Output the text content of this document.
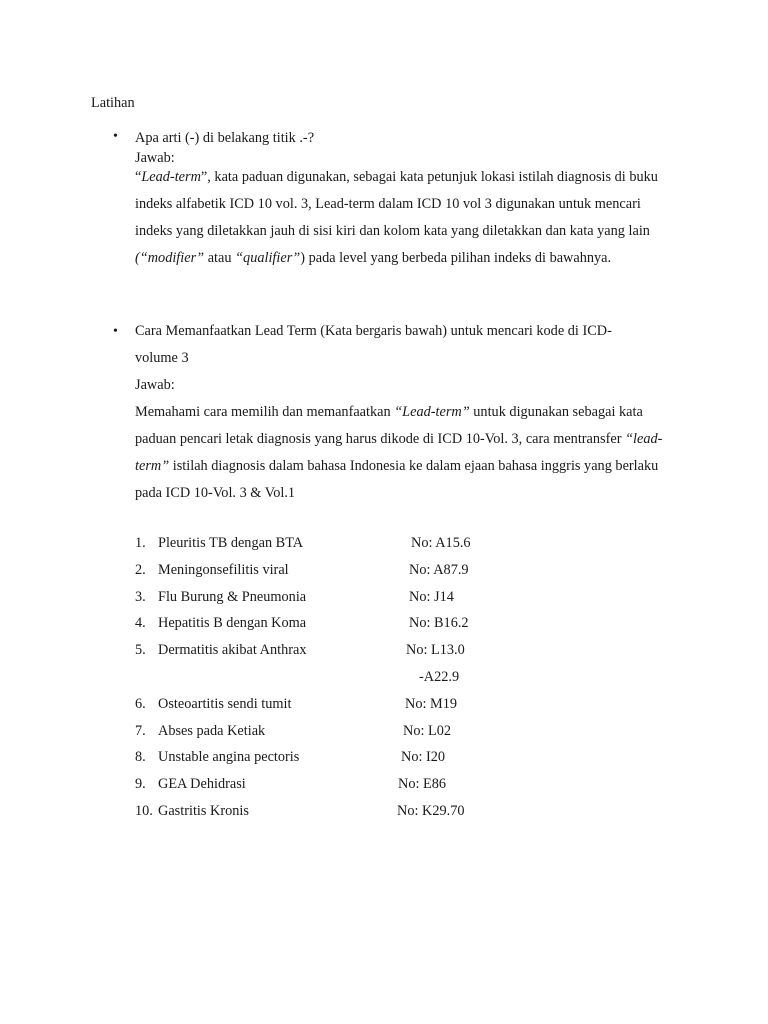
Latihan
• Apa arti (-) di belakang titik .-?
Jawab:

“Lead-term”, kata paduan digunakan, sebagai kata petunjuk lokasi istilah diagnosis di buku indeks alfabetik ICD 10 vol. 3, Lead-term dalam ICD 10 vol 3 digunakan untuk mencari indeks yang diletakkan jauh di sisi kiri dan kolom kata yang diletakkan dan kata yang lain (“modifier” atau “qualifier”) pada level yang berbeda pilihan indeks di bawahnya.

• Cara Memanfaatkan Lead Term (Kata bergaris bawah) untuk mencari kode di ICD-volume 3

Jawab:

Memahami cara memilih dan memanfaatkan “Lead-term” untuk digunakan sebagai kata paduan pencari letak diagnosis yang harus dikode di ICD 10-Vol. 3, cara mentransfer “lead-term” istilah diagnosis dalam bahasa Indonesia ke dalam ejaan bahasa inggris yang berlaku pada ICD 10-Vol. 3 & Vol.1

1. Pleuritis TB dengan BTA	No: A15.6
2. Meningonsefilitis viral	No: A87.9
3. Flu Burung & Pneumonia	No: J14
4. Hepatitis B dengan Koma	No: B16.2
5. Dermatitis akibat Anthrax	No: L13.0
-A22.9
6. Osteoartitis sendi tumit	No: M19
7. Abses pada Ketiak	No: L02
8. Unstable angina pectoris	No: I20
9. GEA Dehidrasi	No: E86
10. Gastritis Kronis	No: K29.70
